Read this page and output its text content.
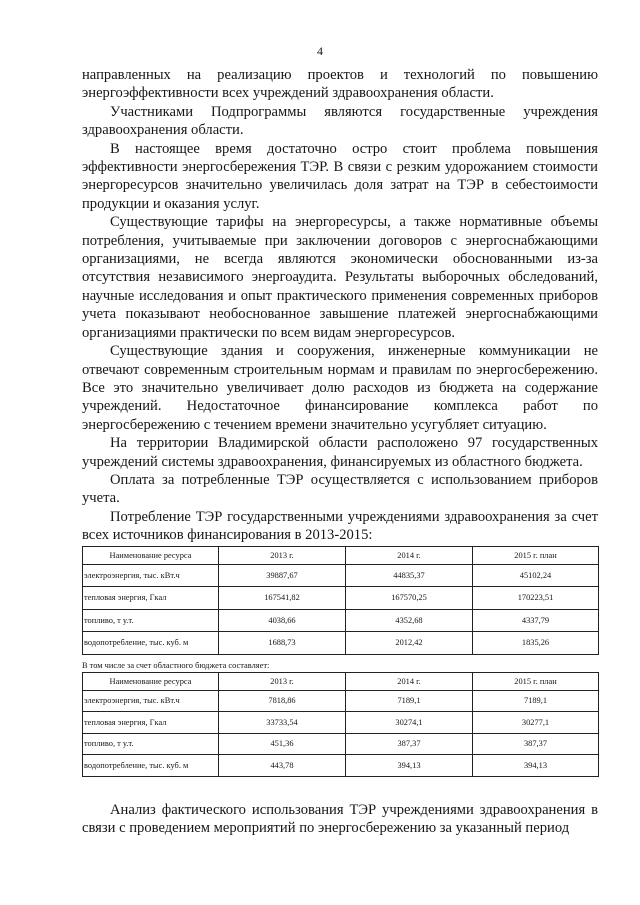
4

направленных на реализацию проектов и технологий по повышению энергоэффективности всех учреждений здравоохранения области.

Участниками Подпрограммы являются государственные учреждения здравоохранения области.

В настоящее время достаточно остро стоит проблема повышения эффективности энергосбережения ТЭР. В связи с резким удорожанием стоимости энергоресурсов значительно увеличилась доля затрат на ТЭР в себестоимости продукции и оказания услуг.

Существующие тарифы на энергоресурсы, а также нормативные объемы потребления, учитываемые при заключении договоров с энергоснабжающими организациями, не всегда являются экономически обоснованными из-за отсутствия независимого энергоаудита. Результаты выборочных обследований, научные исследования и опыт практического применения современных приборов учета показывают необоснованное завышение платежей энергоснабжающими организациями практически по всем видам энергоресурсов.

Существующие здания и сооружения, инженерные коммуникации не отвечают современным строительным нормам и правилам по энергосбережению. Все это значительно увеличивает долю расходов из бюджета на содержание учреждений. Недостаточное финансирование комплекса работ по энергосбережению с течением времени значительно усугубляет ситуацию.

На территории Владимирской области расположено 97 государственных учреждений системы здравоохранения, финансируемых из областного бюджета.

Оплата за потребленные ТЭР осуществляется с использованием приборов учета.

Потребление ТЭР государственными учреждениями здравоохранения за счет всех источников финансирования в 2013-2015:

Наименование ресурса	2013 г.	2014 г.	2015 г. план
электроэнергия, тыс. кВт.ч	39887,67	44835,37	45102,24
тепловая энергия, Гкал	167541,82	167570,25	170223,51
топливо, т у.т.	4038,66	4352,68	4337,79
водопотребление, тыс. куб. м	1688,73	2012,42	1835,26
В том числе за счет областного бюджета составляет:
Наименование ресурса	2013 г.	2014 г.	2015 г. план
электроэнергия, тыс. кВт.ч	7818,86	7189,1	7189,1
тепловая энергия, Гкал	33733,54	30274,1	30277,1
топливо, т у.т.	451,36	387,37	387,37
водопотребление, тыс. куб. м	443,78	394,13	394,13

Анализ фактического использования ТЭР учреждениями здравоохранения в связи с проведением мероприятий по энергосбережению за указанный период
